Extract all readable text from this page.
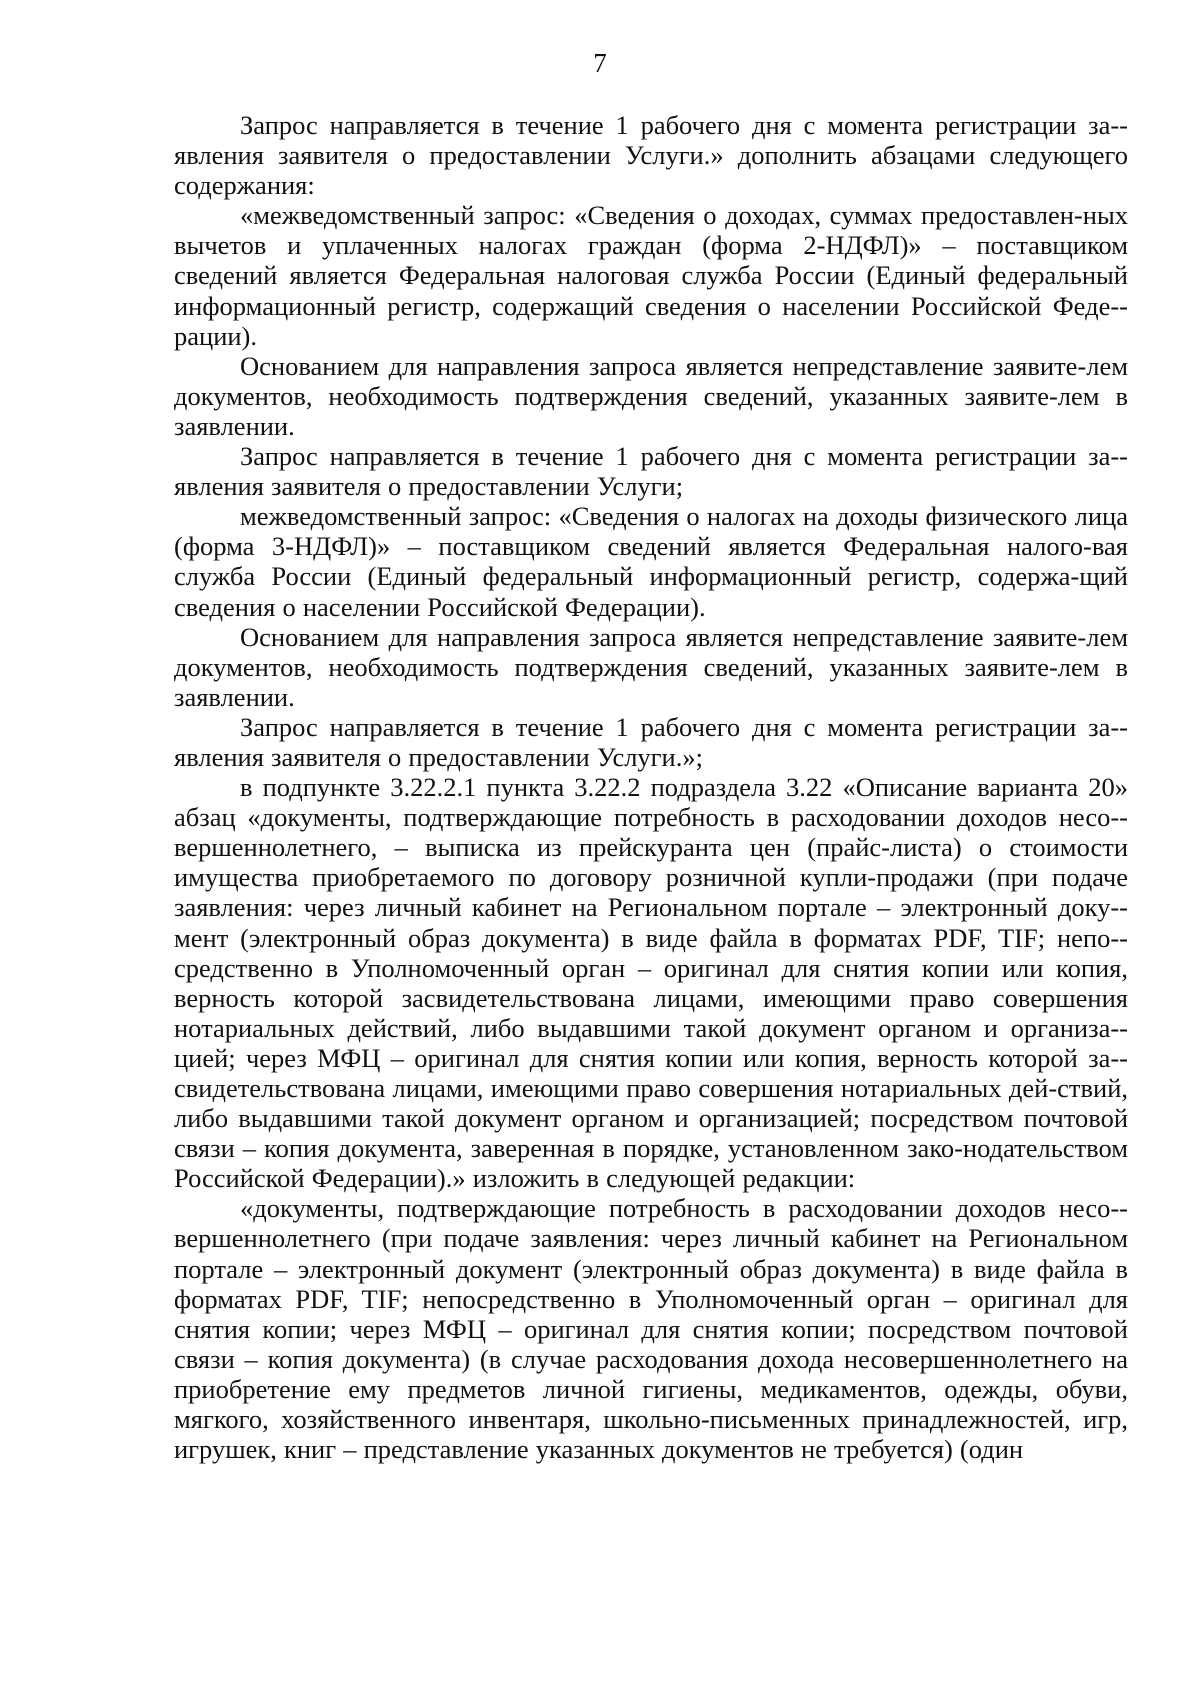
7

Запрос направляется в течение 1 рабочего дня с момента регистрации за-явления заявителя о предоставлении Услуги.» дополнить абзацами следующего содержания:

«межведомственный запрос: «Сведения о доходах, суммах предоставлен-ных вычетов и уплаченных налогах граждан (форма 2-НДФЛ)» – поставщиком сведений является Федеральная налоговая служба России (Единый федеральный информационный регистр, содержащий сведения о населении Российской Феде-рации).

Основанием для направления запроса является непредставление заявите-лем документов, необходимость подтверждения сведений, указанных заявите-лем в заявлении.

Запрос направляется в течение 1 рабочего дня с момента регистрации за-явления заявителя о предоставлении Услуги;

межведомственный запрос: «Сведения о налогах на доходы физического лица (форма 3-НДФЛ)» – поставщиком сведений является Федеральная налого-вая служба России (Единый федеральный информационный регистр, содержа-щий сведения о населении Российской Федерации).

Основанием для направления запроса является непредставление заявите-лем документов, необходимость подтверждения сведений, указанных заявите-лем в заявлении.

Запрос направляется в течение 1 рабочего дня с момента регистрации за-явления заявителя о предоставлении Услуги.»;

в подпункте 3.22.2.1 пункта 3.22.2 подраздела 3.22 «Описание варианта 20» абзац «документы, подтверждающие потребность в расходовании доходов несо-вершеннолетнего, – выписка из прейскуранта цен (прайс-листа) о стоимости имущества приобретаемого по договору розничной купли-продажи (при подаче заявления: через личный кабинет на Региональном портале – электронный доку-мент (электронный образ документа) в виде файла в форматах PDF, TIF; непо-средственно в Уполномоченный орган – оригинал для снятия копии или копия, верность которой засвидетельствована лицами, имеющими право совершения нотариальных действий, либо выдавшими такой документ органом и организа-цией; через МФЦ – оригинал для снятия копии или копия, верность которой за-свидетельствована лицами, имеющими право совершения нотариальных дей-ствий, либо выдавшими такой документ органом и организацией; посредством почтовой связи – копия документа, заверенная в порядке, установленном зако-нодательством Российской Федерации).» изложить в следующей редакции:

«документы, подтверждающие потребность в расходовании доходов несо-вершеннолетнего (при подаче заявления: через личный кабинет на Региональном портале – электронный документ (электронный образ документа) в виде файла в форматах PDF, TIF; непосредственно в Уполномоченный орган – оригинал для снятия копии; через МФЦ – оригинал для снятия копии; посредством почтовой связи – копия документа) (в случае расходования дохода несовершеннолетнего на приобретение ему предметов личной гигиены, медикаментов, одежды, обуви, мягкого, хозяйственного инвентаря, школьно-письменных принадлежностей, игр, игрушек, книг – представление указанных документов не требуется) (один
